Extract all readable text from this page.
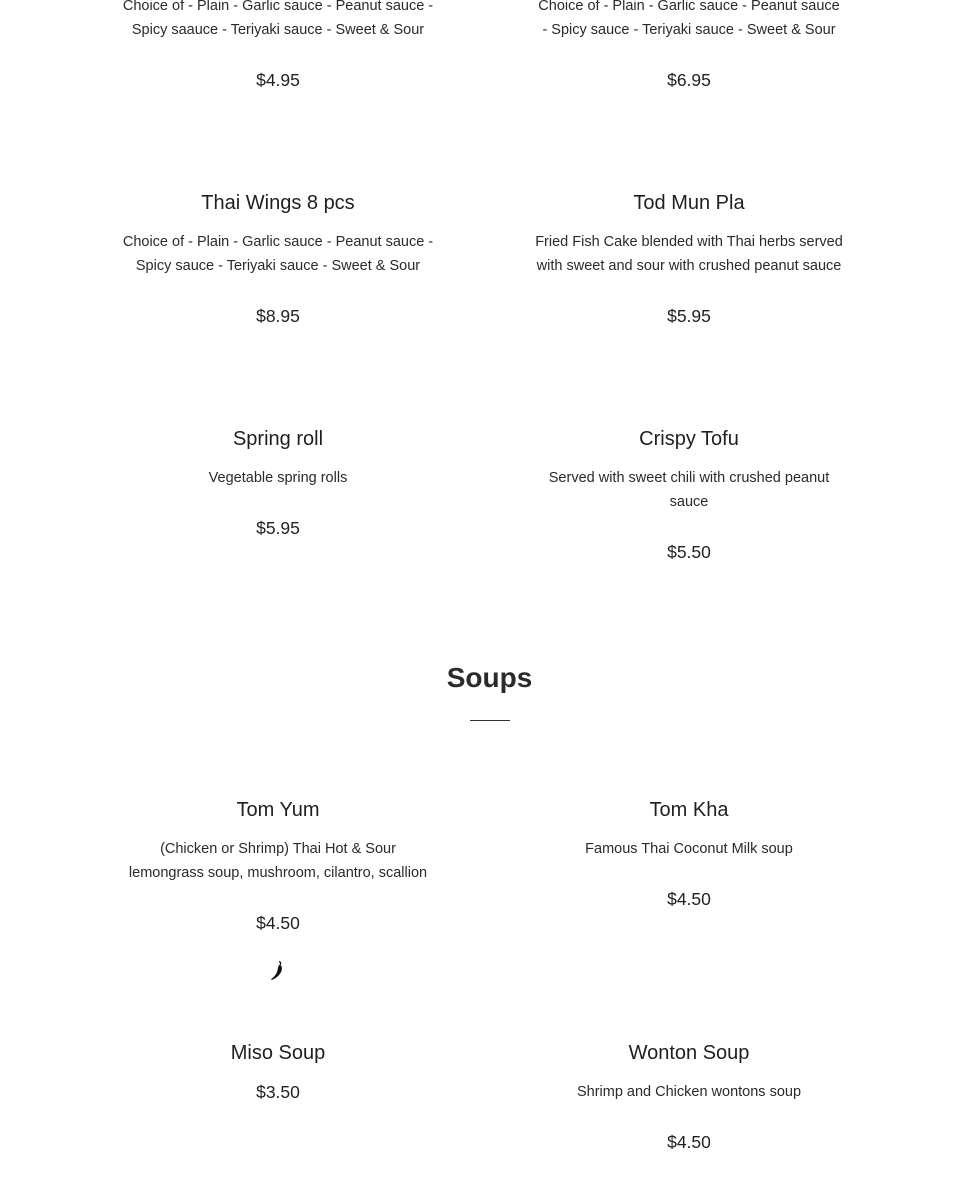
Choice of - Plain - Garlic sauce - Peanut sauce - Spicy saauce - Teriyaki sauce - Sweet & Sour
$4.95
Choice of - Plain - Garlic sauce - Peanut sauce - Spicy sauce - Teriyaki sauce - Sweet & Sour
$6.95
Thai Wings 8 pcs
Choice of - Plain - Garlic sauce - Peanut sauce - Spicy sauce - Teriyaki sauce - Sweet & Sour
$8.95
Tod Mun Pla
Fried Fish Cake blended with Thai herbs served with sweet and sour with crushed peanut sauce
$5.95
Spring roll
Vegetable spring rolls
$5.95
Crispy Tofu
Served with sweet chili with crushed peanut sauce
$5.50
Soups
Tom Yum
(Chicken or Shrimp) Thai Hot & Sour lemongrass soup, mushroom, cilantro, scallion
$4.50
Tom Kha
Famous Thai Coconut Milk soup
$4.50
Miso Soup
$3.50
Wonton Soup
Shrimp and Chicken wontons soup
$4.50
